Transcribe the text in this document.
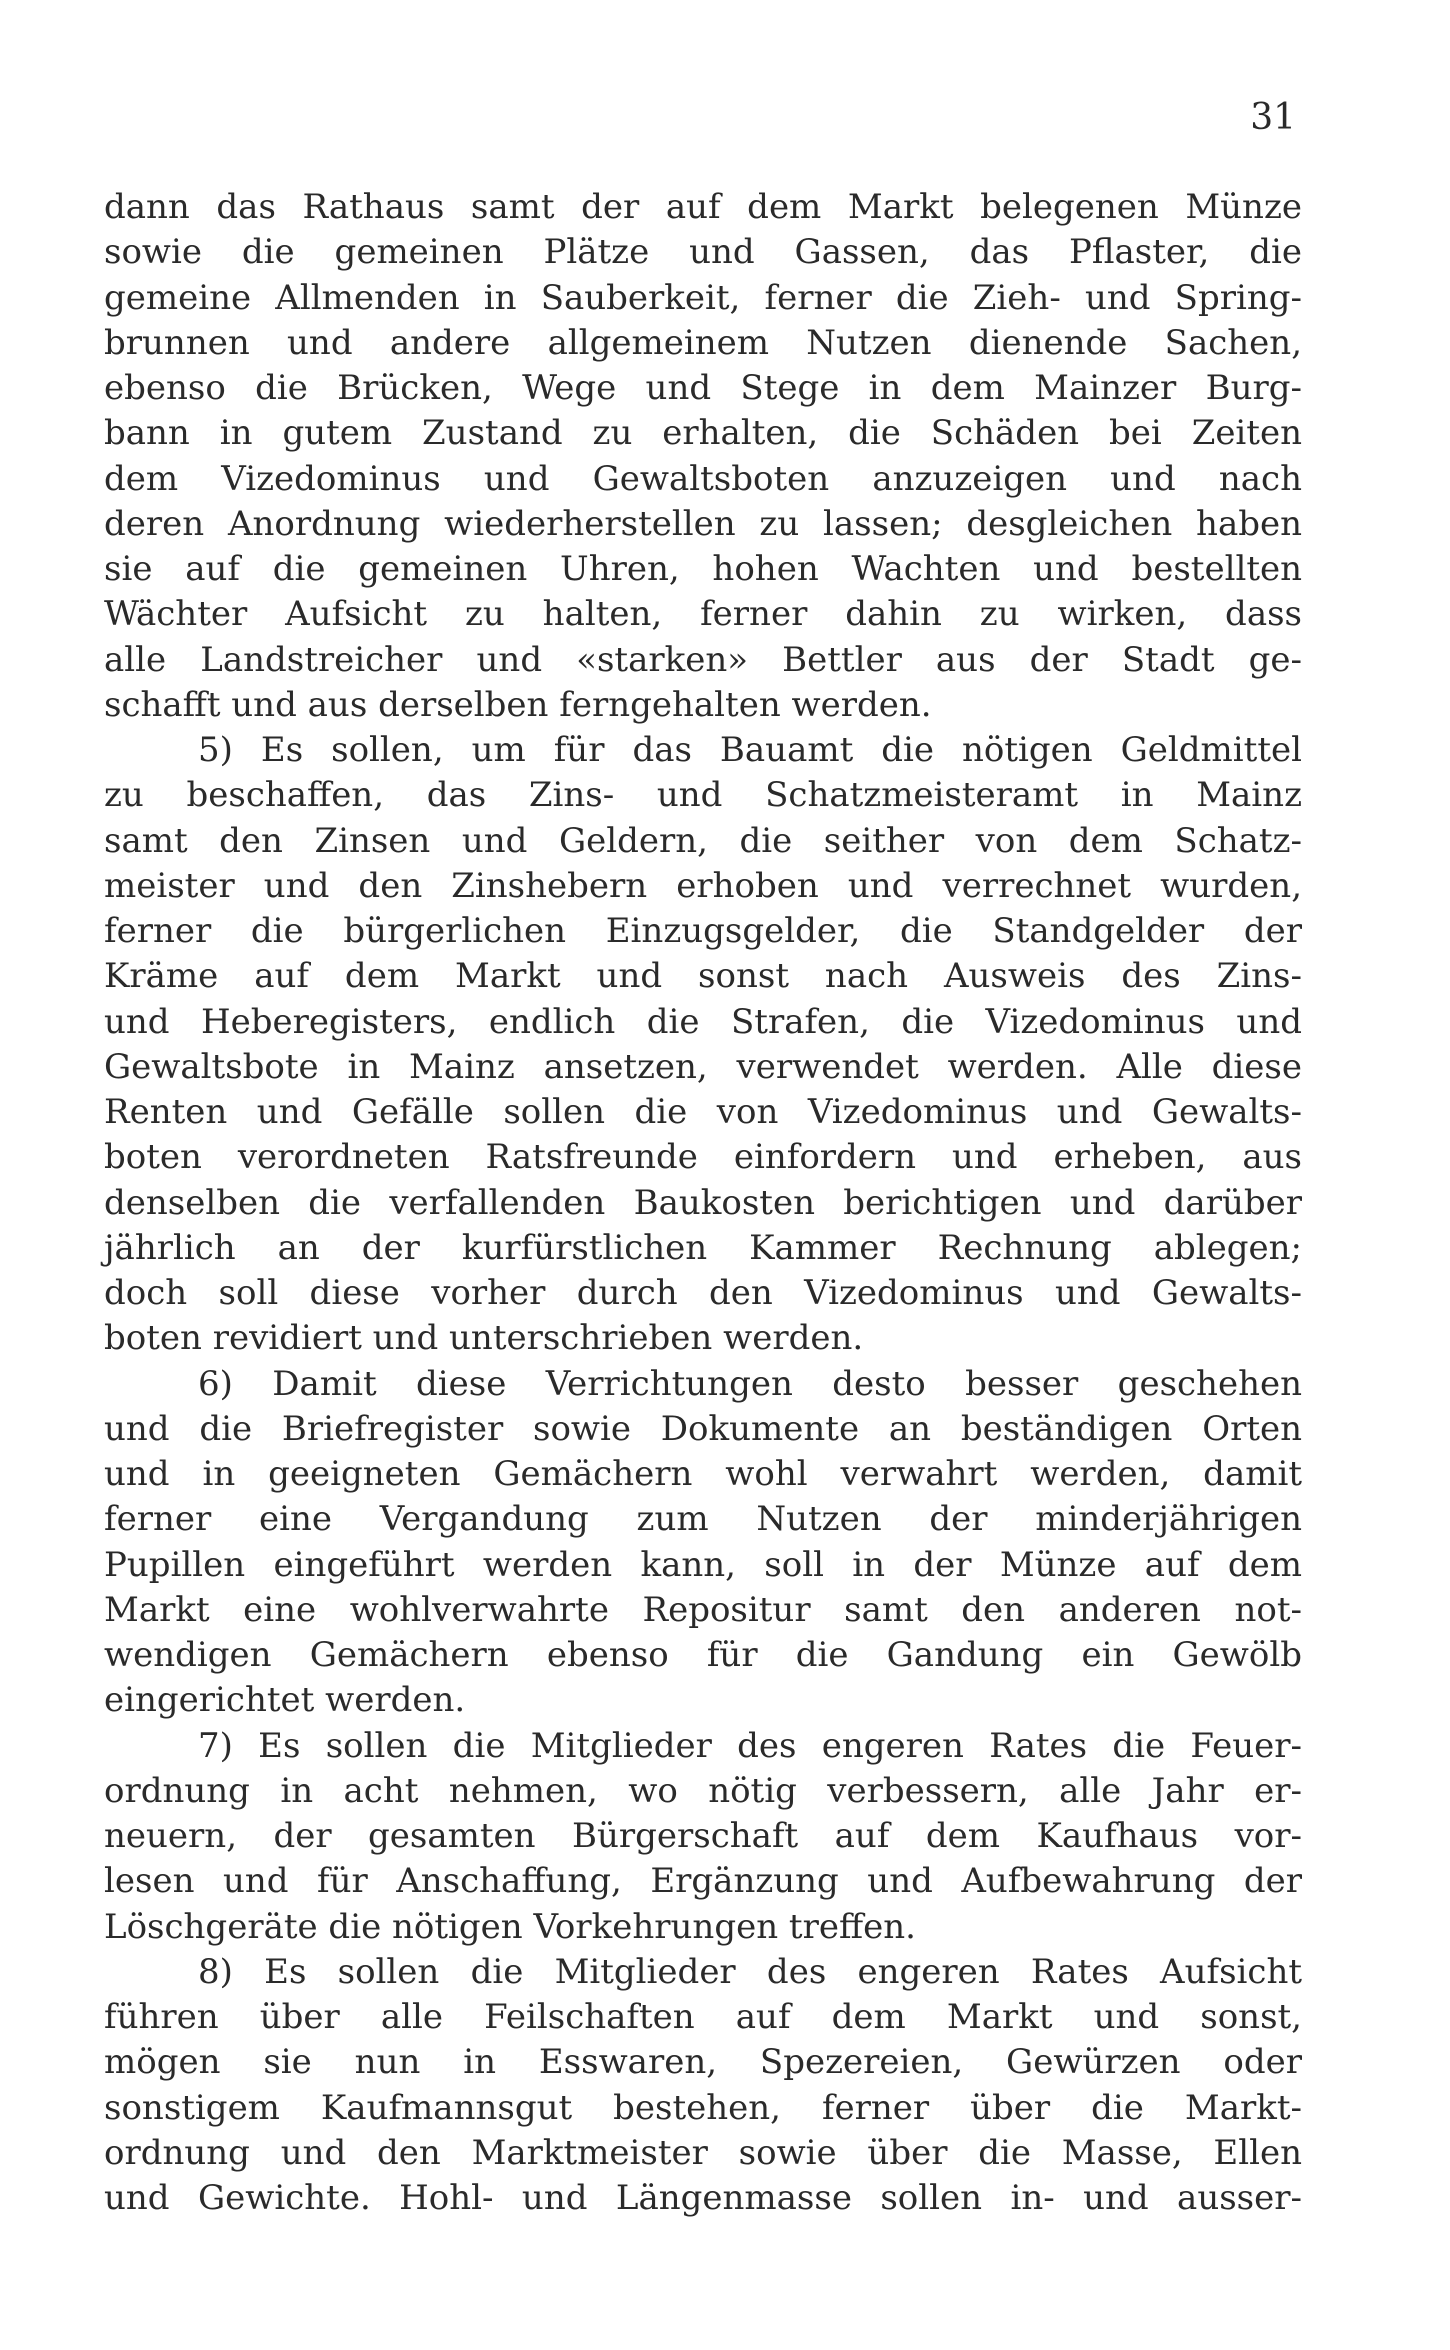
31
dann das Rathaus samt der auf dem Markt belegenen Münze
sowie die gemeinen Plätze und Gassen, das Pflaster, die
gemeine Allmenden in Sauberkeit, ferner die Zieh- und Spring-
brunnen und andere allgemeinem Nutzen dienende Sachen,
ebenso die Brücken, Wege und Stege in dem Mainzer Burg-
bann in gutem Zustand zu erhalten, die Schäden bei Zeiten
dem Vizedominus und Gewaltsboten anzuzeigen und nach
deren Anordnung wiederherstellen zu lassen; desgleichen haben
sie auf die gemeinen Uhren, hohen Wachten und bestellten
Wächter Aufsicht zu halten, ferner dahin zu wirken, dass
alle Landstreicher und «starken» Bettler aus der Stadt ge-
schafft und aus derselben ferngehalten werden.
5) Es sollen, um für das Bauamt die nötigen Geldmittel
zu beschaffen, das Zins- und Schatzmeisteramt in Mainz
samt den Zinsen und Geldern, die seither von dem Schatz-
meister und den Zinshebern erhoben und verrechnet wurden,
ferner die bürgerlichen Einzugsgelder, die Standgelder der
Kräme auf dem Markt und sonst nach Ausweis des Zins-
und Heberegisters, endlich die Strafen, die Vizedominus und
Gewaltsbote in Mainz ansetzen, verwendet werden. Alle diese
Renten und Gefälle sollen die von Vizedominus und Gewalts-
boten verordneten Ratsfreunde einfordern und erheben, aus
denselben die verfallenden Baukosten berichtigen und darüber
jährlich an der kurfürstlichen Kammer Rechnung ablegen;
doch soll diese vorher durch den Vizedominus und Gewalts-
boten revidiert und unterschrieben werden.
6) Damit diese Verrichtungen desto besser geschehen
und die Briefregister sowie Dokumente an beständigen Orten
und in geeigneten Gemächern wohl verwahrt werden, damit
ferner eine Vergandung zum Nutzen der minderjährigen
Pupillen eingeführt werden kann, soll in der Münze auf dem
Markt eine wohlverwahrte Repositur samt den anderen not-
wendigen Gemächern ebenso für die Gandung ein Gewölb
eingerichtet werden.
7) Es sollen die Mitglieder des engeren Rates die Feuer-
ordnung in acht nehmen, wo nötig verbessern, alle Jahr er-
neuern, der gesamten Bürgerschaft auf dem Kaufhaus vor-
lesen und für Anschaffung, Ergänzung und Aufbewahrung der
Löschgeräte die nötigen Vorkehrungen treffen.
8) Es sollen die Mitglieder des engeren Rates Aufsicht
führen über alle Feilschaften auf dem Markt und sonst,
mögen sie nun in Esswaren, Spezereien, Gewürzen oder
sonstigem Kaufmannsgut bestehen, ferner über die Markt-
ordnung und den Marktmeister sowie über die Masse, Ellen
und Gewichte. Hohl- und Längenmasse sollen in- und ausser-
